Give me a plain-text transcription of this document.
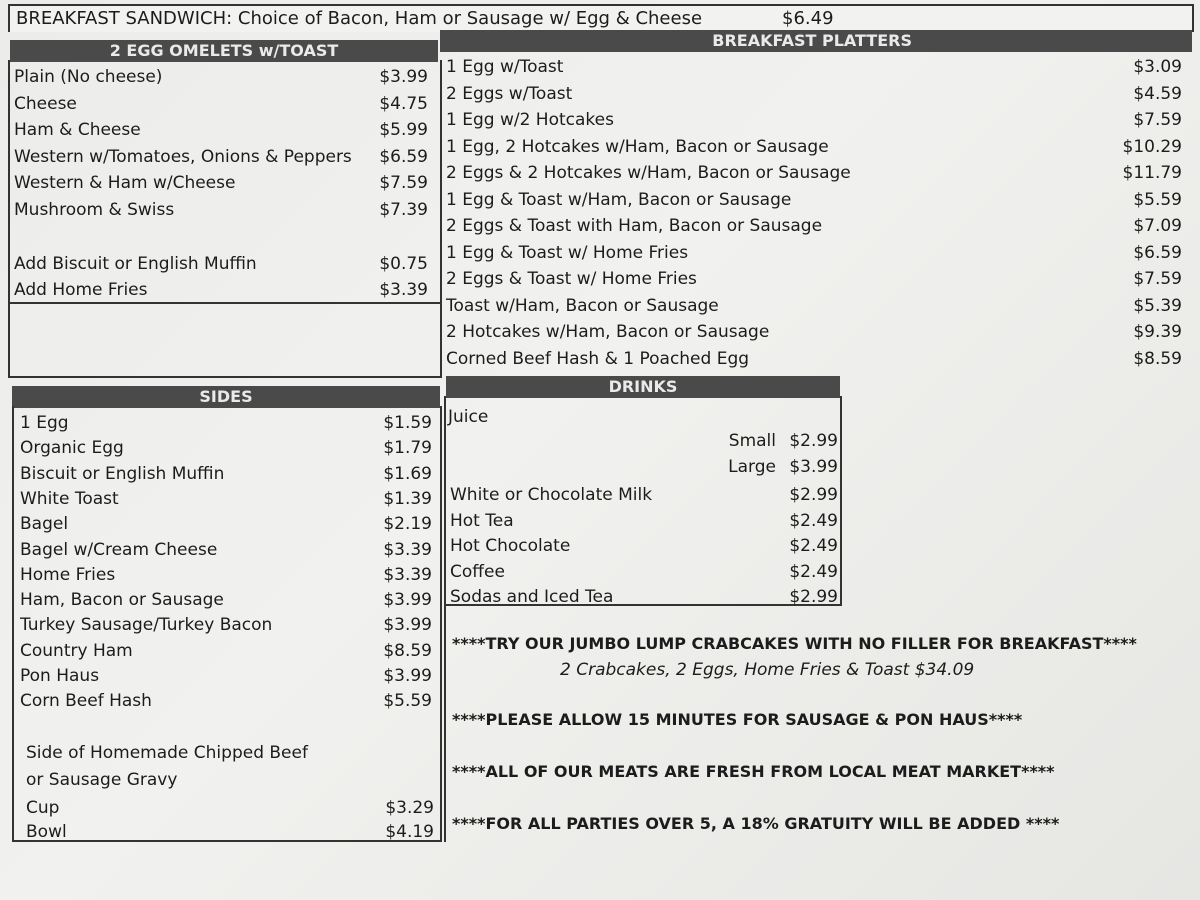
BREAKFAST SANDWICH: Choice of Bacon, Ham or Sausage w/ Egg & Cheese	$6.49
2 EGG OMELETS w/TOAST
BREAKFAST PLATTERS
Plain (No cheese)	$3.99
Cheese	$4.75
Ham & Cheese	$5.99
Western w/Tomatoes, Onions & Peppers	$6.59
Western & Ham w/Cheese	$7.59
Mushroom & Swiss	$7.39
Add Biscuit or English Muffin	$0.75
Add Home Fries	$3.39
1 Egg w/Toast	$3.09
2 Eggs w/Toast	$4.59
1 Egg w/2 Hotcakes	$7.59
1 Egg, 2 Hotcakes w/Ham, Bacon or Sausage	$10.29
2 Eggs & 2 Hotcakes w/Ham, Bacon or Sausage	$11.79
1 Egg & Toast w/Ham, Bacon or Sausage	$5.59
2 Eggs & Toast with Ham, Bacon or Sausage	$7.09
1 Egg & Toast w/ Home Fries	$6.59
2 Eggs & Toast w/ Home Fries	$7.59
Toast w/Ham, Bacon or Sausage	$5.39
2 Hotcakes w/Ham, Bacon or Sausage	$9.39
Corned Beef Hash & 1 Poached Egg	$8.59
SIDES
1 Egg	$1.59
Organic Egg	$1.79
Biscuit or English Muffin	$1.69
White Toast	$1.39
Bagel	$2.19
Bagel w/Cream Cheese	$3.39
Home Fries	$3.39
Ham, Bacon or Sausage	$3.99
Turkey Sausage/Turkey Bacon	$3.99
Country Ham	$8.59
Pon Haus	$3.99
Corn Beef Hash	$5.59
Side of Homemade Chipped Beef
or Sausage Gravy
Cup	$3.29
Bowl	$4.19
DRINKS
Juice
Small $2.99
Large $3.99
White or Chocolate Milk	$2.99
Hot Tea	$2.49
Hot Chocolate	$2.49
Coffee	$2.49
Sodas and Iced Tea	$2.99
****TRY OUR JUMBO LUMP CRABCAKES WITH NO FILLER FOR BREAKFAST****
2 Crabcakes, 2 Eggs, Home Fries & Toast $34.09
****PLEASE ALLOW 15 MINUTES FOR SAUSAGE & PON HAUS****
****ALL OF OUR MEATS ARE FRESH FROM LOCAL MEAT MARKET****
****FOR ALL PARTIES OVER 5, A 18% GRATUITY WILL BE ADDED ****
